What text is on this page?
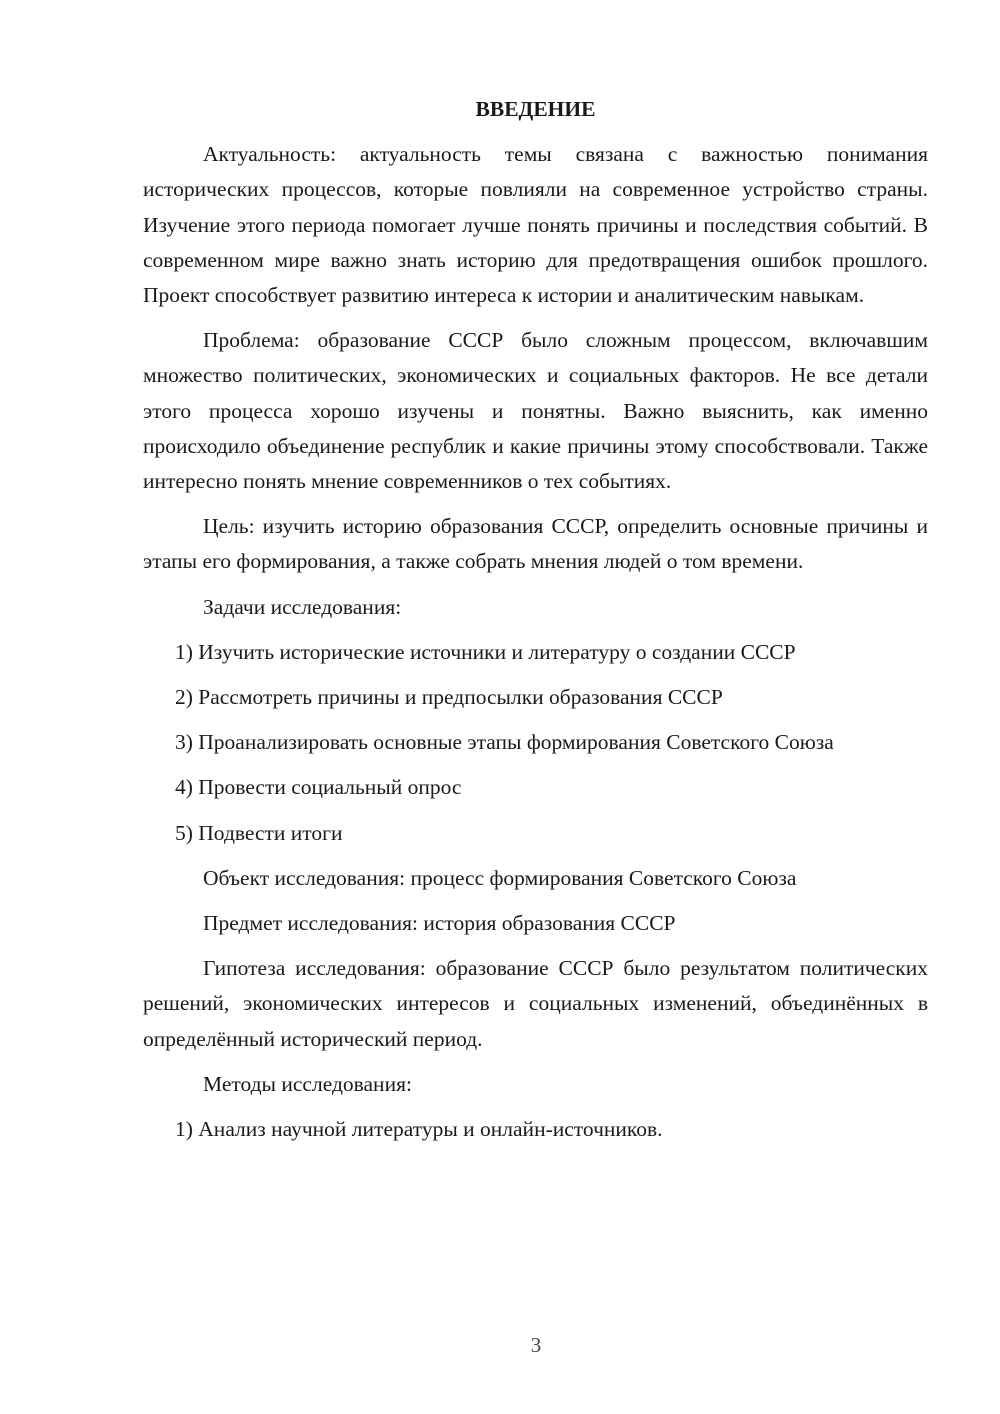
ВВЕДЕНИЕ

Актуальность: актуальность темы связана с важностью понимания исторических процессов, которые повлияли на современное устройство страны. Изучение этого периода помогает лучше понять причины и последствия событий. В современном мире важно знать историю для предотвращения ошибок прошлого. Проект способствует развитию интереса к истории и аналитическим навыкам.

Проблема: образование СССР было сложным процессом, включавшим множество политических, экономических и социальных факторов. Не все детали этого процесса хорошо изучены и понятны. Важно выяснить, как именно происходило объединение республик и какие причины этому способствовали. Также интересно понять мнение современников о тех событиях.

Цель: изучить историю образования СССР, определить основные причины и этапы его формирования, а также собрать мнения людей о том времени.

Задачи исследования:

1) Изучить исторические источники и литературу о создании СССР

2) Рассмотреть причины и предпосылки образования СССР

3) Проанализировать основные этапы формирования Советского Союза

4) Провести социальный опрос

5) Подвести итоги

Объект исследования: процесс формирования Советского Союза

Предмет исследования: история образования СССР

Гипотеза исследования: образование СССР было результатом политических решений, экономических интересов и социальных изменений, объединённых в определённый исторический период.

Методы исследования:

1) Анализ научной литературы и онлайн-источников.

3
